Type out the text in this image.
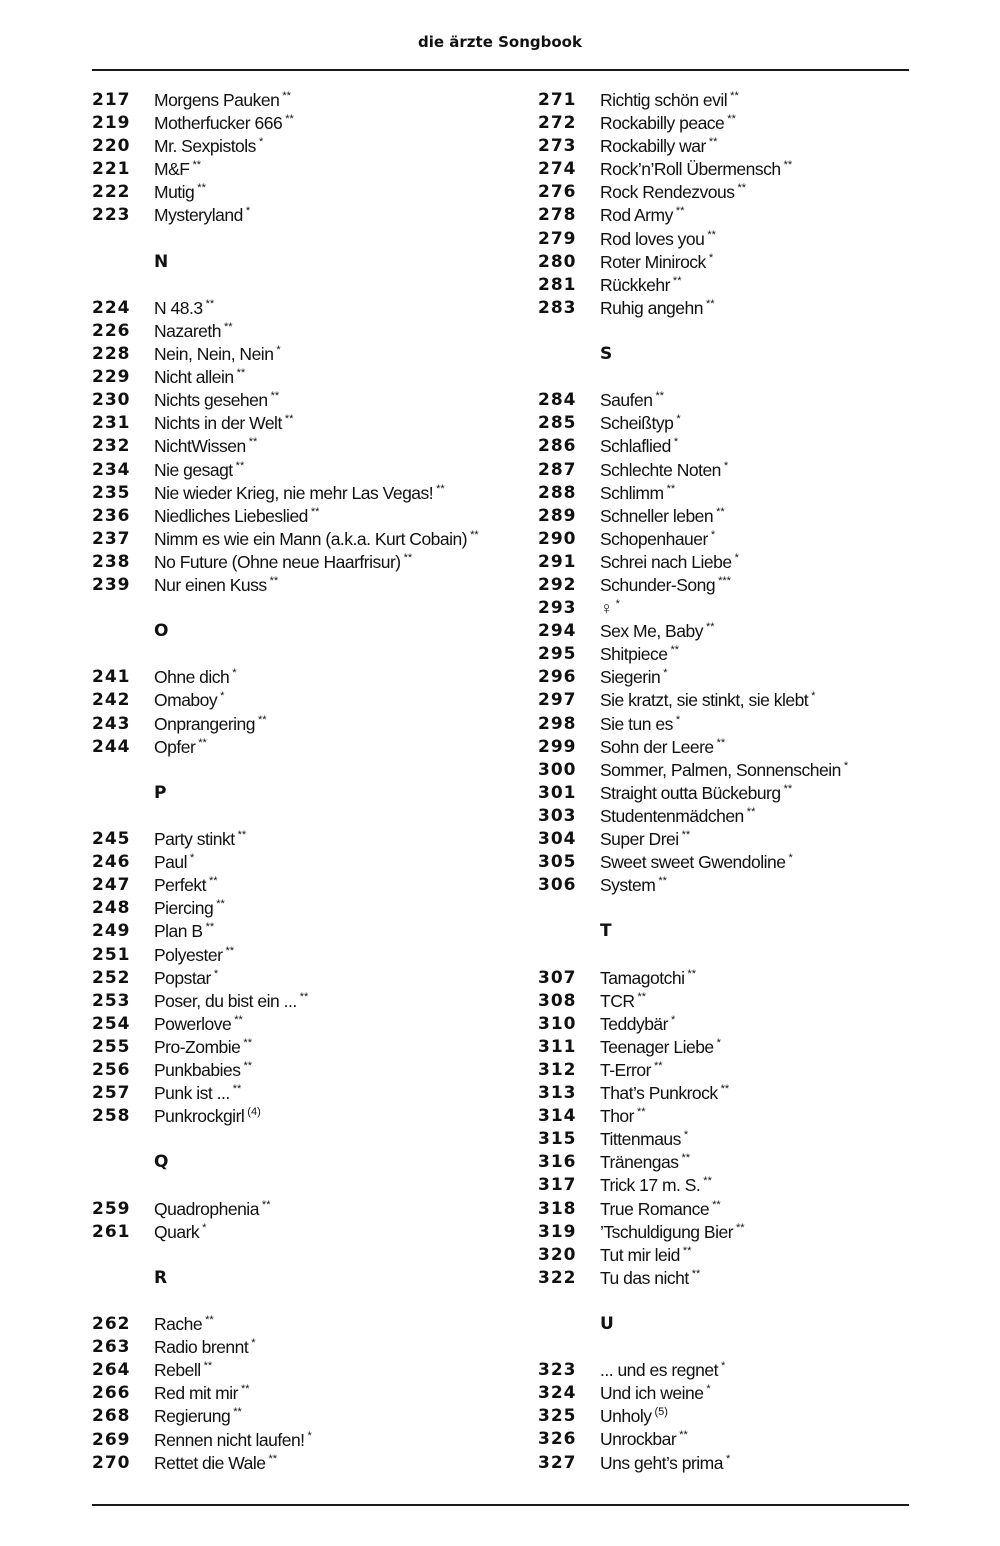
die ärzte Songbook
217 Morgens Pauken **
219 Motherfucker 666 **
220 Mr. Sexpistols *
221 M&F **
222 Mutig **
223 Mysteryland *
N
224 N 48.3 **
226 Nazareth **
228 Nein, Nein, Nein *
229 Nicht allein **
230 Nichts gesehen **
231 Nichts in der Welt **
232 NichtWissen **
234 Nie gesagt **
235 Nie wieder Krieg, nie mehr Las Vegas! **
236 Niedliches Liebeslied **
237 Nimm es wie ein Mann (a.k.a. Kurt Cobain) **
238 No Future (Ohne neue Haarfrisur) **
239 Nur einen Kuss **
O
241 Ohne dich *
242 Omaboy *
243 Onprangering **
244 Opfer **
P
245 Party stinkt **
246 Paul *
247 Perfekt **
248 Piercing **
249 Plan B **
251 Polyester **
252 Popstar *
253 Poser, du bist ein ... **
254 Powerlove **
255 Pro-Zombie **
256 Punkbabies **
257 Punk ist ... **
258 Punkrockgirl $^{(4)}$
Q
259 Quadrophenia **
261 Quark *
R
262 Rache **
263 Radio brennt *
264 Rebell **
266 Red mit mir **
268 Regierung **
269 Rennen nicht laufen! *
270 Rettet die Wale **
271 Richtig schön evil **
272 Rockabilly peace **
273 Rockabilly war **
274 Rock’n’Roll Übermensch **
276 Rock Rendezvous **
278 Rod Army **
279 Rod loves you **
280 Roter Minirock *
281 Rückkehr **
283 Ruhig angehn **
S
284 Saufen **
285 Scheißtyp *
286 Schlaflied *
287 Schlechte Noten *
288 Schlimm **
289 Schneller leben **
290 Schopenhauer *
291 Schrei nach Liebe *
292 Schunder-Song ***
293 ♀ *
294 Sex Me, Baby **
295 Shitpiece **
296 Siegerin *
297 Sie kratzt, sie stinkt, sie klebt *
298 Sie tun es *
299 Sohn der Leere **
300 Sommer, Palmen, Sonnenschein *
301 Straight outta Bückeburg **
303 Studentenmädchen **
304 Super Drei **
305 Sweet sweet Gwendoline *
306 System **
T
307 Tamagotchi **
308 TCR **
310 Teddybär *
311 Teenager Liebe *
312 T-Error **
313 That’s Punkrock **
314 Thor **
315 Tittenmaus *
316 Tränengas **
317 Trick 17 m. S. **
318 True Romance **
319 ’Tschuldigung Bier **
320 Tut mir leid **
322 Tu das nicht **
U
323 ... und es regnet *
324 Und ich weine *
325 Unholy $^{(5)}$
326 Unrockbar **
327 Uns geht’s prima *
